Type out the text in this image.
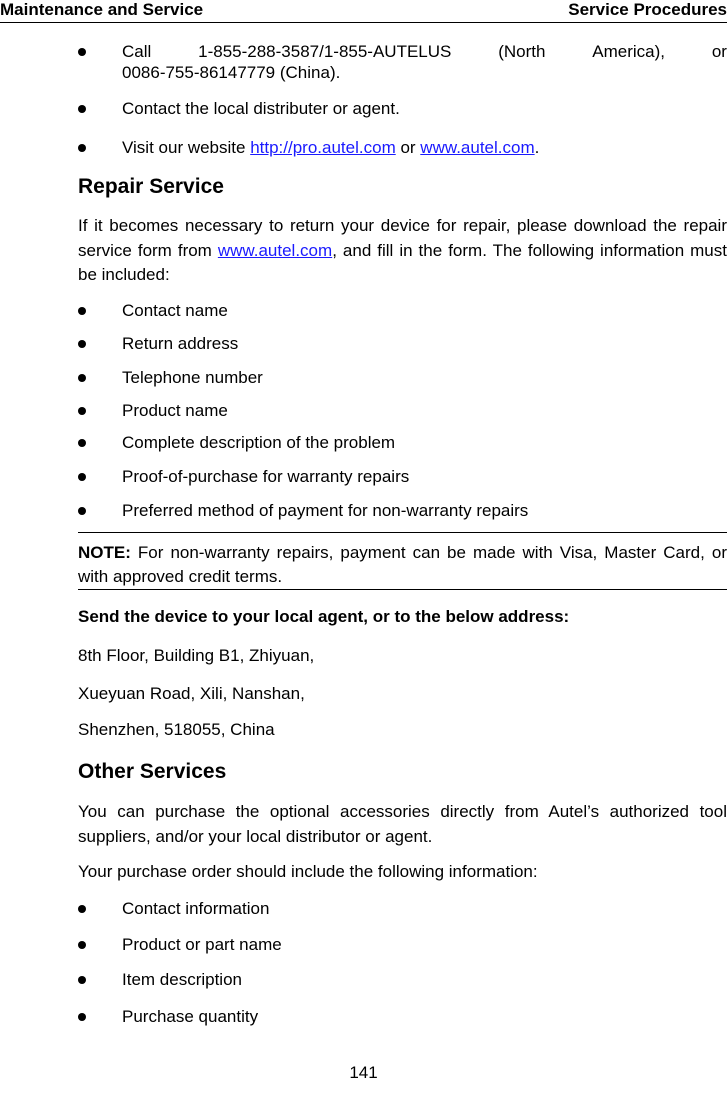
Maintenance and Service	Service Procedures
Call	1-855-288-3587/1-855-AUTELUS	(North	America),	or
0086-755-86147779 (China).
Contact the local distributer or agent.
Visit our website http://pro.autel.com or www.autel.com.
Repair Service
If it becomes necessary to return your device for repair, please download the repair service form from www.autel.com, and fill in the form. The following information must be included:
Contact name
Return address
Telephone number
Product name
Complete description of the problem
Proof-of-purchase for warranty repairs
Preferred method of payment for non-warranty repairs
NOTE: For non-warranty repairs, payment can be made with Visa, Master Card, or with approved credit terms.
Send the device to your local agent, or to the below address:
8th Floor, Building B1, Zhiyuan,
Xueyuan Road, Xili, Nanshan,
Shenzhen, 518055, China
Other Services
You can purchase the optional accessories directly from Autel’s authorized tool suppliers, and/or your local distributor or agent.
Your purchase order should include the following information:
Contact information
Product or part name
Item description
Purchase quantity
141
